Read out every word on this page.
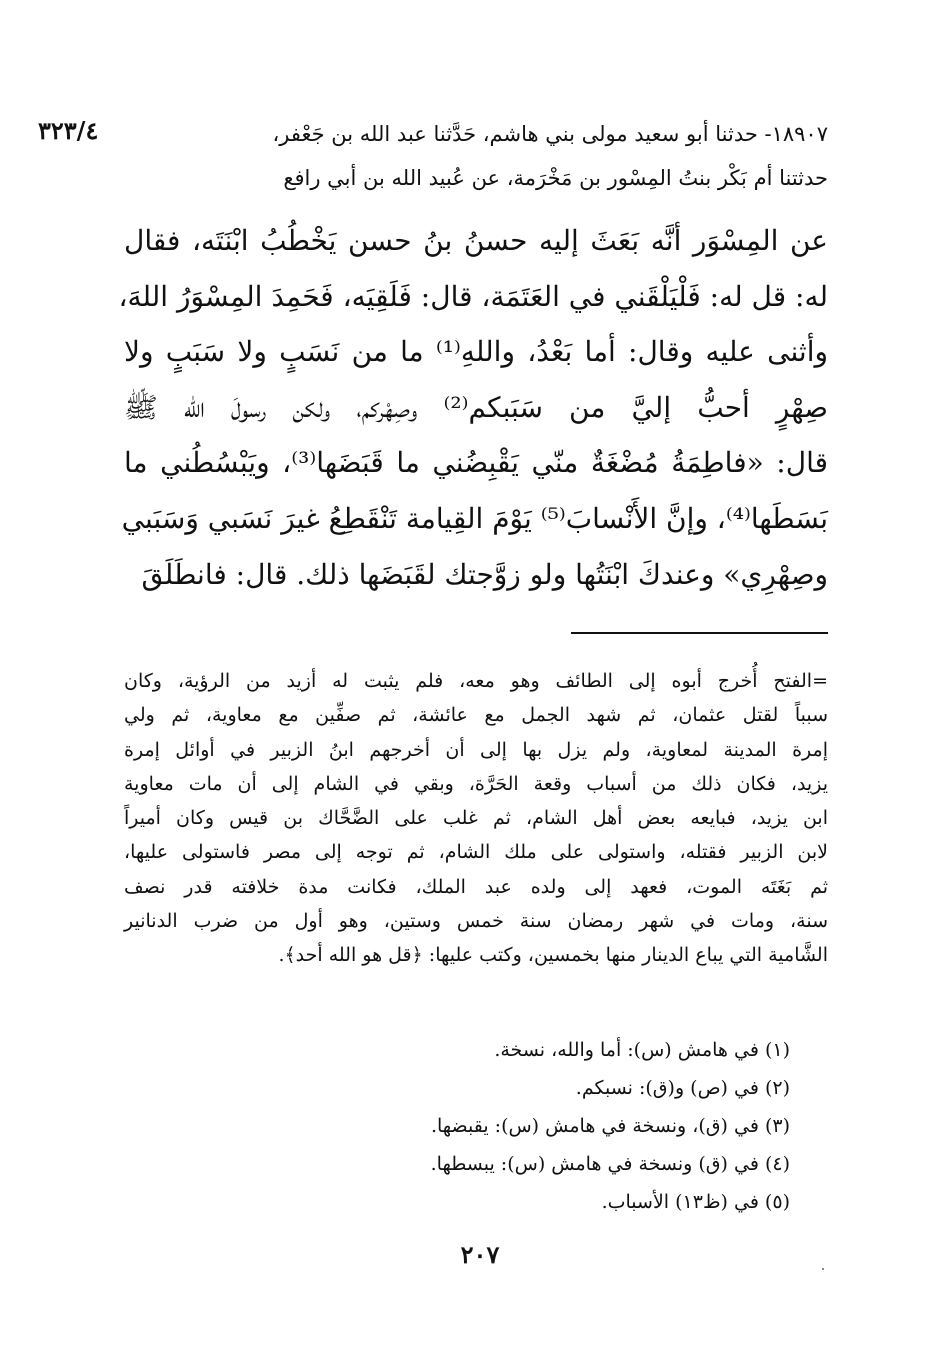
٣٢٣/٤	١٨٩٠٧- حدثنا أبو سعيد مولى بني هاشم، حَدَّثنا عبد الله بن جَعْفر،
حدثتنا أم بَكْر بنتُ المِسْور بن مَخْرَمة، عن عُبيد الله بن أبي رافع
عن المِسْوَر أنَّه بَعَثَ إليه حسنُ بنُ حسن يَخْطُبُ ابْنَتَه، فقال
له: قل له: فَلْيَلْقَني في العَتَمَة، قال: فَلَقِيَه، فَحَمِدَ المِسْوَرُ اللهَ،
وأثنى عليه وقال: أما بَعْدُ، واللهِ⁽¹⁾ ما من نَسَبٍ ولا سَبَبٍ ولا
صِهْرٍ أحبُّ إليَّ من سَبَبكم⁽²⁾ وصِهْركم، ولكن رسولَ الله ﷺ
قال: «فاطِمَةُ مُضْغَةٌ منّي يَقْبِضُني ما قَبَضَها⁽³⁾، ويَبْسُطُني ما
بَسَطَها⁽⁴⁾، وإنَّ الأَنْسابَ⁽⁵⁾ يَوْمَ القِيامة تَنْقَطِعُ غيرَ نَسَبي وَسَبَبي
وصِهْرِي» وعندكَ ابْنَتُها ولو زوَّجتك لقَبَضَها ذلك. قال: فانطَلَقَ
=الفتح أُخرج أبوه إلى الطائف وهو معه، فلم يثبت له أزيد من الرؤية، وكان
سبباً لقتل عثمان، ثم شهد الجمل مع عائشة، ثم صفِّين مع معاوية، ثم ولي
إمرة المدينة لمعاوية، ولم يزل بها إلى أن أخرجهم ابنُ الزبير في أوائل إمرة
يزيد، فكان ذلك من أسباب وقعة الحَرَّة، وبقي في الشام إلى أن مات معاوية
ابن يزيد، فبايعه بعض أهل الشام، ثم غلب على الضَّحَّاك بن قيس وكان أميراً
لابن الزبير فقتله، واستولى على ملك الشام، ثم توجه إلى مصر فاستولى عليها،
ثم بَغَتَه الموت، فعهد إلى ولده عبد الملك، فكانت مدة خلافته قدر نصف
سنة، ومات في شهر رمضان سنة خمس وستين، وهو أول من ضرب الدنانير
الشَّامية التي يباع الدينار منها بخمسين، وكتب عليها: ﴿قل هو الله أحد﴾.
(١) في هامش (س): أما والله، نسخة.
(٢) في (ص) و(ق): نسبكم.
(٣) في (ق)، ونسخة في هامش (س): يقبضها.
(٤) في (ق) ونسخة في هامش (س): يبسطها.
(٥) في (ظ١٣) الأسباب.
٢٠٧
